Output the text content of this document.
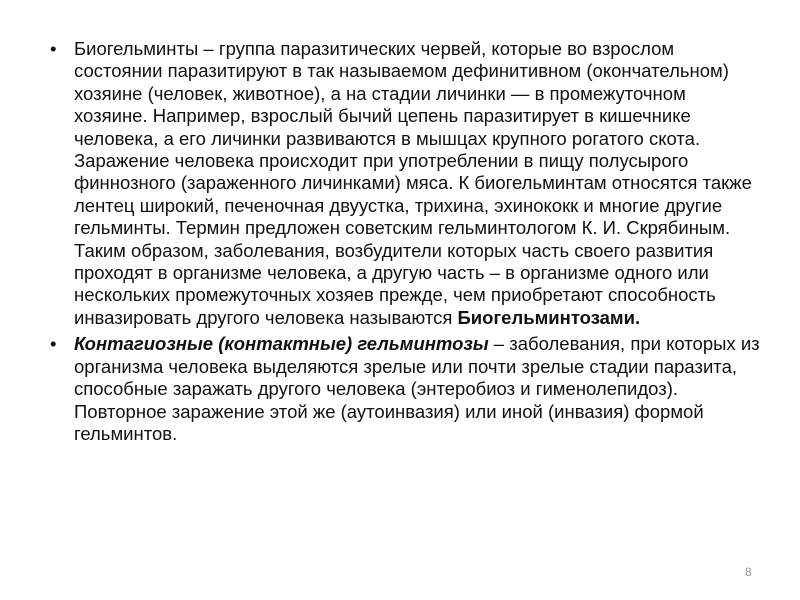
• Биогельминты – группа паразитических червей, которые во взрослом состоянии паразитируют в так называемом дефинитивном (окончательном) хозяине (человек, животное), а на стадии личинки — в промежуточном хозяине. Например, взрослый бычий цепень паразитирует в кишечнике человека, а его личинки развиваются в мышцах крупного рогатого скота. Заражение человека происходит при употреблении в пищу полусырого финнозного (зараженного личинками) мяса. К биогельминтам относятся также лентец широкий, печеночная двуустка, трихина, эхинококк и многие другие гельминты. Термин предложен советским гельминтологом К. И. Скрябиным. Таким образом, заболевания, возбудители которых часть своего развития проходят в организме человека, а другую часть – в организме одного или нескольких промежуточных хозяев прежде, чем приобретают способность инвазировать другого человека называются Биогельминтозами.
• Контагиозные (контактные) гельминтозы – заболевания, при которых из организма человека выделяются зрелые или почти зрелые стадии паразита, способные заражать другого человека (энтеробиоз и гименолепидоз). Повторное заражение этой же (аутоинвазия) или иной (инвазия) формой гельминтов.
8
